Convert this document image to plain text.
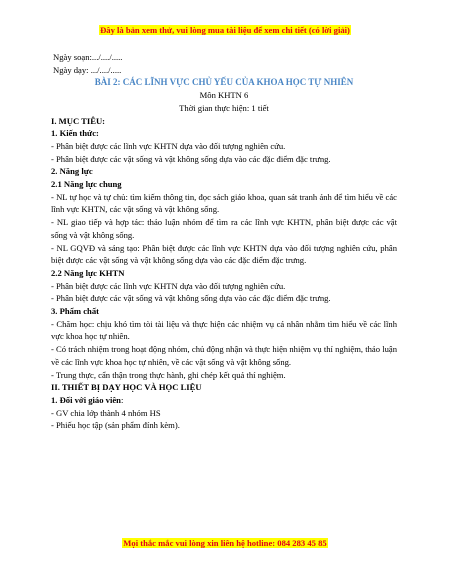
Đây là bản xem thử, vui lòng mua tài liệu để xem chi tiết (có lời giải)

Ngày soạn:.../..../.....

Ngày dạy: .../..../.....

BÀI 2: CÁC LĨNH VỰC CHỦ YẾU CỦA KHOA HỌC TỰ NHIÊN

Môn KHTN 6

Thời gian thực hiện: 1 tiết

I. MỤC TIÊU:

1. Kiến thức:

- Phân biệt được các lĩnh vực KHTN dựa vào đối tượng nghiên cứu.

- Phân biệt được các vật sống và vật không sống dựa vào các đặc điểm đặc trưng.

2. Năng lực

2.1 Năng lực chung

- NL tự học và tự chủ: tìm kiếm thông tin, đọc sách giáo khoa, quan sát tranh ảnh để tìm hiểu về các lĩnh vực KHTN, các vật sống và vật không sống.

- NL giao tiếp và hợp tác: thảo luận nhóm để tìm ra các lĩnh vực KHTN, phân biệt được các vật sống và vật không sống.

- NL GQVĐ và sáng tạo: Phân biệt được các lĩnh vực KHTN dựa vào đối tượng nghiên cứu, phân biệt được các vật sống và vật không sống dựa vào các đặc điểm đặc trưng.

2.2 Năng lực KHTN

- Phân biệt được các lĩnh vực KHTN dựa vào đối tượng nghiên cứu.

- Phân biệt được các vật sống và vật không sống dựa vào các đặc điểm đặc trưng.

3. Phẩm chất

- Chăm học: chịu khó tìm tòi tài liệu và thực hiện các nhiệm vụ cá nhân nhằm tìm hiểu về các lĩnh vực khoa học tự nhiên.

- Có trách nhiệm trong hoạt động nhóm, chủ động nhận và thực hiện nhiệm vụ thí nghiệm, thảo luận về các lĩnh vực khoa học tự nhiên, về các vật sống và vật không sống.

- Trung thực, cẩn thận trong thực hành, ghi chép kết quả thí nghiệm.

II. THIẾT BỊ DẠY HỌC VÀ HỌC LIỆU

1. Đối với giáo viên:

- GV chia lớp thành 4 nhóm HS

- Phiếu học tập (sản phẩm đính kèm).

Mọi thắc mắc vui lòng xin liên hệ hotline: 084 283 45 85
